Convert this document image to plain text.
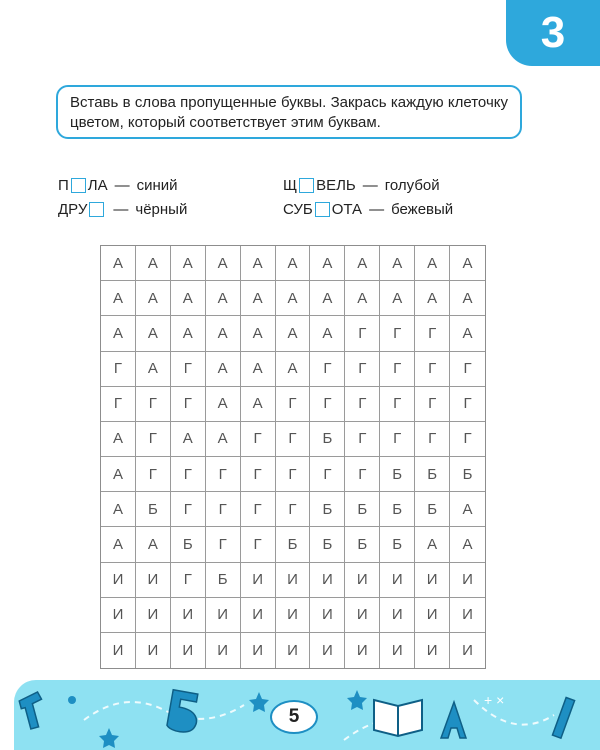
3
Вставь в слова пропущенные буквы. Закрась каждую клеточку цветом, который соответствует этим буквам.
П ЛА — синий	Щ ВЕЛЬ — голубой
ДРУ — чёрный	СУБ ОТА — бежевый
А	А	А	А	А	А	А	А	А	А	А
А	А	А	А	А	А	А	А	А	А	А
А	А	А	А	А	А	А	Г	Г	Г	А
Г	А	Г	А	А	А	Г	Г	Г	Г	Г
Г	Г	Г	А	А	Г	Г	Г	Г	Г	Г
А	Г	А	А	Г	Г	Б	Г	Г	Г	Г
А	Г	Г	Г	Г	Г	Г	Г	Б	Б	Б
А	Б	Г	Г	Г	Г	Б	Б	Б	Б	А
А	А	Б	Г	Г	Б	Б	Б	Б	А	А
И	И	Г	Б	И	И	И	И	И	И	И
И	И	И	И	И	И	И	И	И	И	И
И	И	И	И	И	И	И	И	И	И	И
+ ×
5
